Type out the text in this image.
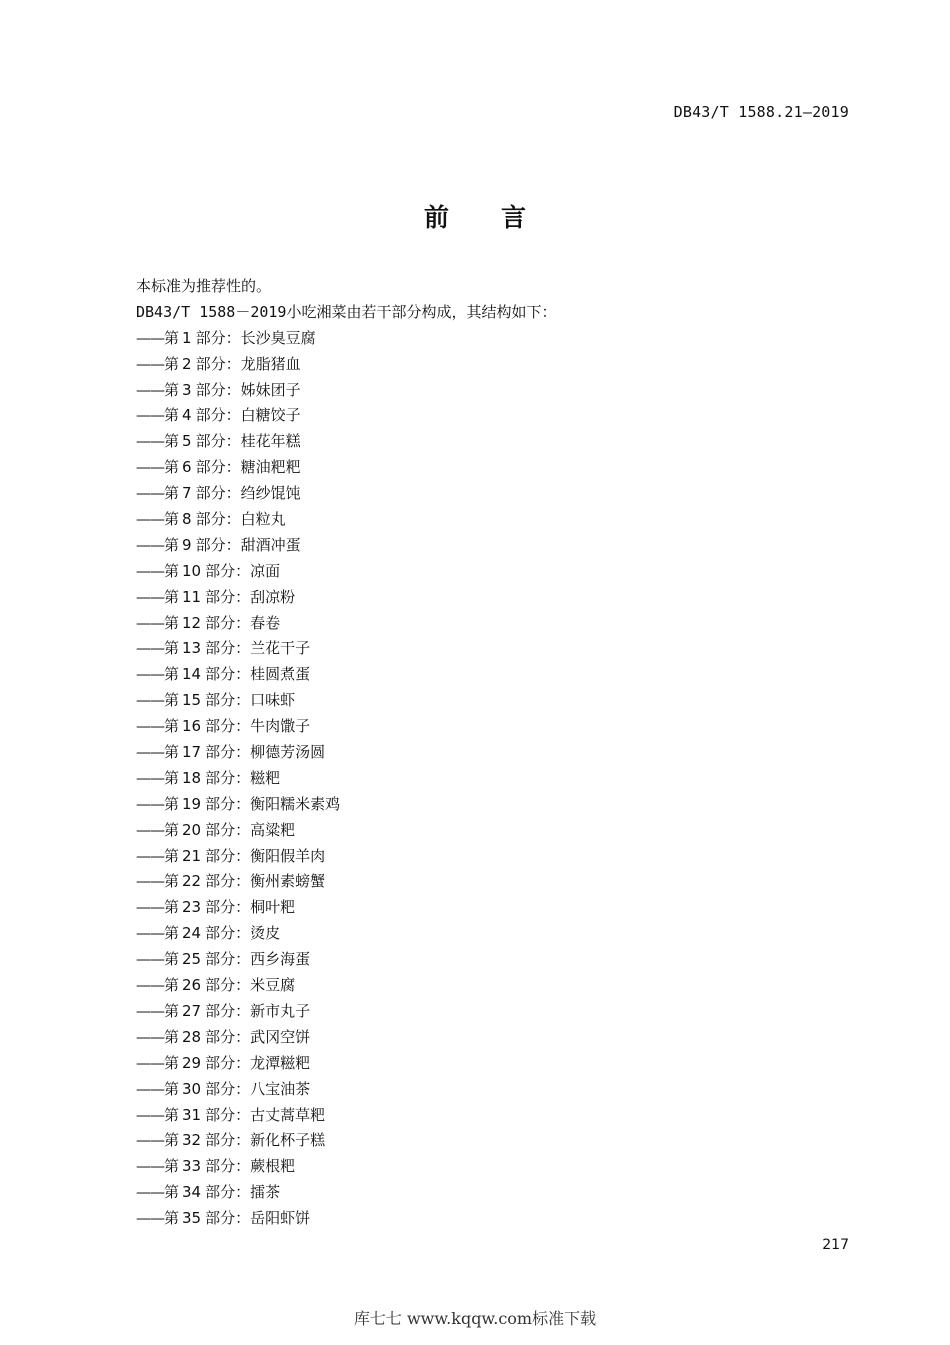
DB43/T 1588.21—2019
前言
本标准为推荐性的。
DB43/T 1588－2019小吃湘菜由若干部分构成，其结构如下：
——第 1 部分：长沙臭豆腐
——第 2 部分：龙脂猪血
——第 3 部分：姊妹团子
——第 4 部分：白糖饺子
——第 5 部分：桂花年糕
——第 6 部分：糖油粑粑
——第 7 部分：绉纱馄饨
——第 8 部分：白粒丸
——第 9 部分：甜酒冲蛋
——第 10 部分：凉面
——第 11 部分：刮凉粉
——第 12 部分：春卷
——第 13 部分：兰花干子
——第 14 部分：桂圆煮蛋
——第 15 部分：口味虾
——第 16 部分：牛肉馓子
——第 17 部分：柳德芳汤圆
——第 18 部分：糍粑
——第 19 部分：衡阳糯米素鸡
——第 20 部分：高粱粑
——第 21 部分：衡阳假羊肉
——第 22 部分：衡州素螃蟹
——第 23 部分：桐叶粑
——第 24 部分：烫皮
——第 25 部分：西乡海蛋
——第 26 部分：米豆腐
——第 27 部分：新市丸子
——第 28 部分：武冈空饼
——第 29 部分：龙潭糍粑
——第 30 部分：八宝油茶
——第 31 部分：古丈蒿草粑
——第 32 部分：新化杯子糕
——第 33 部分：蕨根粑
——第 34 部分：擂茶
——第 35 部分：岳阳虾饼
217
库七七 www.kqqw.com标准下载
